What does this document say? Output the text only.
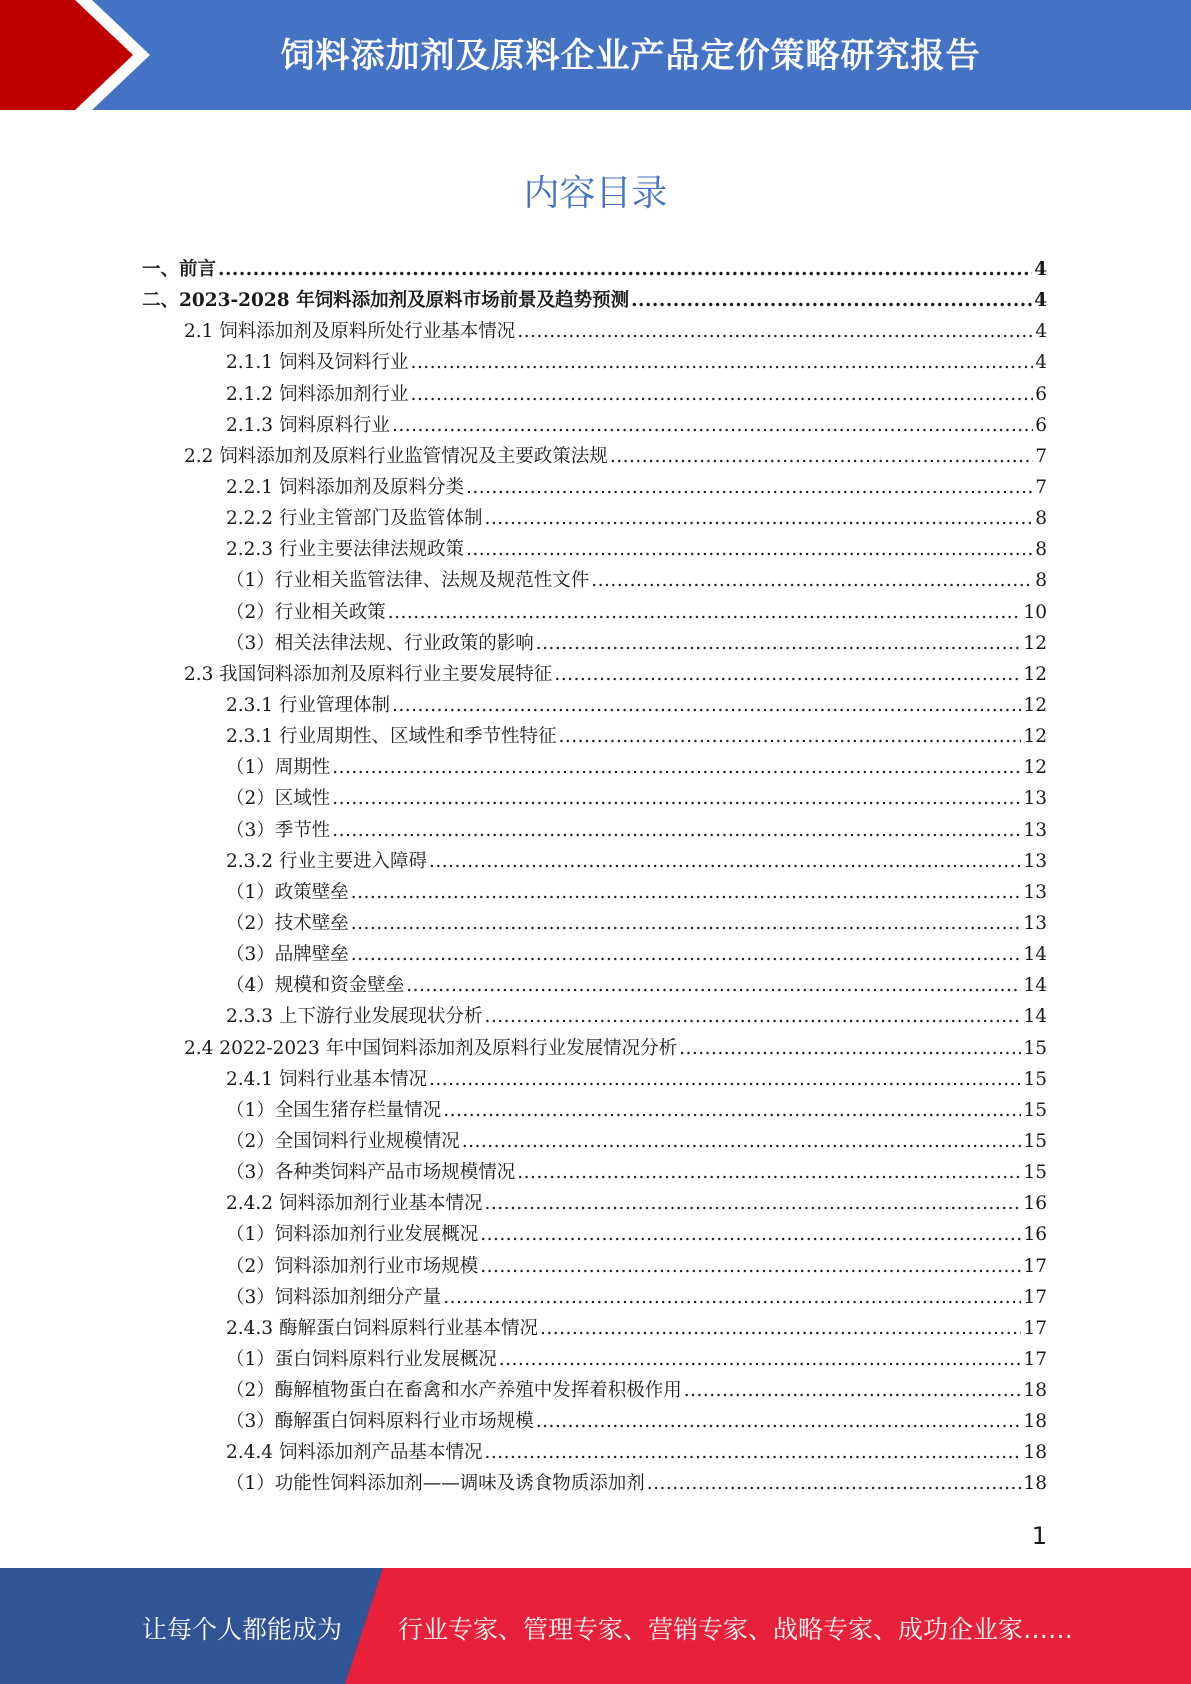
饲料添加剂及原料企业产品定价策略研究报告
内容目录
一、前言 .....	4
二、2023-2028 年饲料添加剂及原料市场前景及趋势预测 .....	4
2.1 饲料添加剂及原料所处行业基本情况 .....	4
2.1.1 饲料及饲料行业 .....	4
2.1.2 饲料添加剂行业 .....	6
2.1.3 饲料原料行业 .....	6
2.2 饲料添加剂及原料行业监管情况及主要政策法规 .....	7
2.2.1 饲料添加剂及原料分类 .....	7
2.2.2 行业主管部门及监管体制 .....	8
2.2.3 行业主要法律法规政策 .....	8
（1）行业相关监管法律、法规及规范性文件 .....	8
（2）行业相关政策 .....	10
（3）相关法律法规、行业政策的影响 .....	12
2.3 我国饲料添加剂及原料行业主要发展特征 .....	12
2.3.1 行业管理体制 .....	12
2.3.1 行业周期性、区域性和季节性特征 .....	12
（1）周期性 .....	12
（2）区域性 .....	13
（3）季节性 .....	13
2.3.2 行业主要进入障碍 .....	13
（1）政策壁垒 .....	13
（2）技术壁垒 .....	13
（3）品牌壁垒 .....	14
（4）规模和资金壁垒 .....	14
2.3.3 上下游行业发展现状分析 .....	14
2.4 2022-2023 年中国饲料添加剂及原料行业发展情况分析 .....	15
2.4.1 饲料行业基本情况 .....	15
（1）全国生猪存栏量情况 .....	15
（2）全国饲料行业规模情况 .....	15
（3）各种类饲料产品市场规模情况 .....	15
2.4.2 饲料添加剂行业基本情况 .....	16
（1）饲料添加剂行业发展概况 .....	16
（2）饲料添加剂行业市场规模 .....	17
（3）饲料添加剂细分产量 .....	17
2.4.3 酶解蛋白饲料原料行业基本情况 .....	17
（1）蛋白饲料原料行业发展概况 .....	17
（2）酶解植物蛋白在畜禽和水产养殖中发挥着积极作用 .....	18
（3）酶解蛋白饲料原料行业市场规模 .....	18
2.4.4 饲料添加剂产品基本情况 .....	18
（1）功能性饲料添加剂——调味及诱食物质添加剂 .....	18
1
让每个人都能成为 行业专家、管理专家、营销专家、战略专家、成功企业家……
